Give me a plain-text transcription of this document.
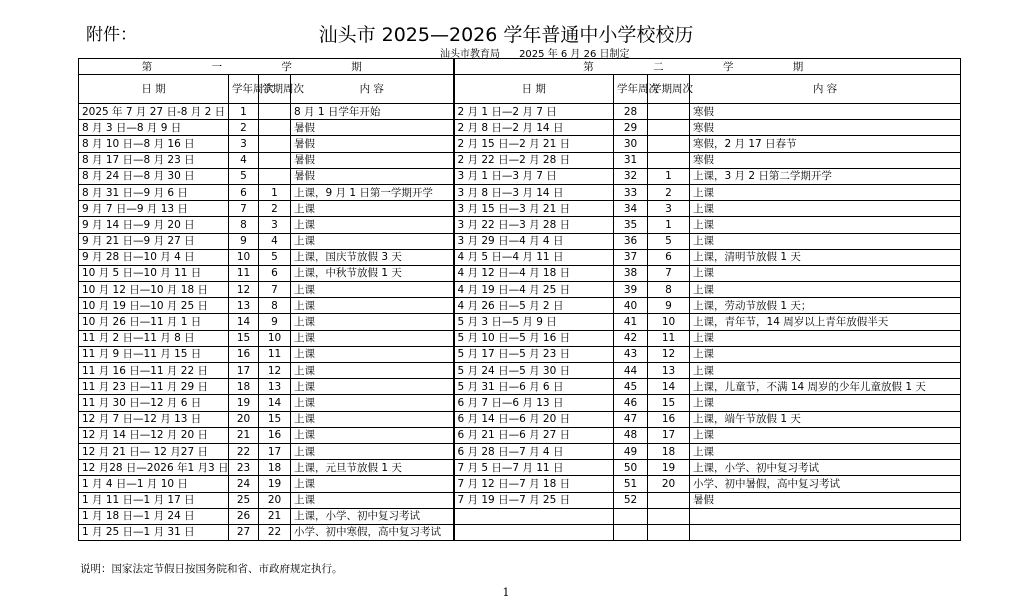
附件：	汕头市 2025—2026 学年普通中小学校校历
汕头市教育局      2025 年 6 月 26 日制定
第 一 学 期				第 二 学 期			
日 期	学年周次	学期周次	内 容	日 期	学年周次	学期周次	内 容
2025 年 7 月 27 日-8 月 2 日	1		8 月 1 日学年开始	2 月 1 日—2 月 7 日	28		寒假
8 月 3 日—8 月 9 日	2		暑假	2 月 8 日—2 月 14 日	29		寒假
8 月 10 日—8 月 16 日	3		暑假	2 月 15 日—2 月 21 日	30		寒假，2 月 17 日春节
8 月 17 日—8 月 23 日	4		暑假	2 月 22 日—2 月 28 日	31		寒假
8 月 24 日—8 月 30 日	5		暑假	3 月 1 日—3 月 7 日	32	1	上课，3 月 2 日第二学期开学
8 月 31 日—9 月 6 日	6	1	上课，9 月 1 日第一学期开学	3 月 8 日—3 月 14 日	33	2	上课
9 月 7 日—9 月 13 日	7	2	上课	3 月 15 日—3 月 21 日	34	3	上课
9 月 14 日—9 月 20 日	8	3	上课	3 月 22 日—3 月 28 日	35	1	上课
9 月 21 日—9 月 27 日	9	4	上课	3 月 29 日—4 月 4 日	36	5	上课
9 月 28 日—10 月 4 日	10	5	上课，国庆节放假 3 天	4 月 5 日—4 月 11 日	37	6	上课，清明节放假 1 天
10 月 5 日—10 月 11 日	11	6	上课，中秋节放假 1 天	4 月 12 日—4 月 18 日	38	7	上课
10 月 12 日—10 月 18 日	12	7	上课	4 月 19 日—4 月 25 日	39	8	上课
10 月 19 日—10 月 25 日	13	8	上课	4 月 26 日—5 月 2 日	40	9	上课，劳动节放假 1 天；
10 月 26 日—11 月 1 日	14	9	上课	5 月 3 日—5 月 9 日	41	10	上课，青年节，14 周岁以上青年放假半天
11 月 2 日—11 月 8 日	15	10	上课	5 月 10 日—5 月 16 日	42	11	上课
11 月 9 日—11 月 15 日	16	11	上课	5 月 17 日—5 月 23 日	43	12	上课
11 月 16 日—11 月 22 日	17	12	上课	5 月 24 日—5 月 30 日	44	13	上课
11 月 23 日—11 月 29 日	18	13	上课	5 月 31 日—6 月 6 日	45	14	上课，儿童节，不满 14 周岁的少年儿童放假 1 天
11 月 30 日—12 月 6 日	19	14	上课	6 月 7 日—6 月 13 日	46	15	上课
12 月 7 日—12 月 13 日	20	15	上课	6 月 14 日—6 月 20 日	47	16	上课，端午节放假 1 天
12 月 14 日—12 月 20 日	21	16	上课	6 月 21 日—6 月 27 日	48	17	上课
12 月 21 日— 12 月27 日	22	17	上课	6 月 28 日—7 月 4 日	49	18	上课
12 月28 日—2026 年1 月3 日	23	18	上课，元旦节放假 1 天	7 月 5 日—7 月 11 日	50	19	上课，小学、初中复习考试
1 月 4 日—1 月 10 日	24	19	上课	7 月 12 日—7 月 18 日	51	20	小学、初中暑假，高中复习考试
1 月 11 日—1 月 17 日	25	20	上课	7 月 19 日—7 月 25 日	52		暑假
1 月 18 日—1 月 24 日	26	21	上课，小学、初中复习考试				
1 月 25 日—1 月 31 日	27	22	小学、初中寒假，高中复习考试				
说明：国家法定节假日按国务院和省、市政府规定执行。
1
